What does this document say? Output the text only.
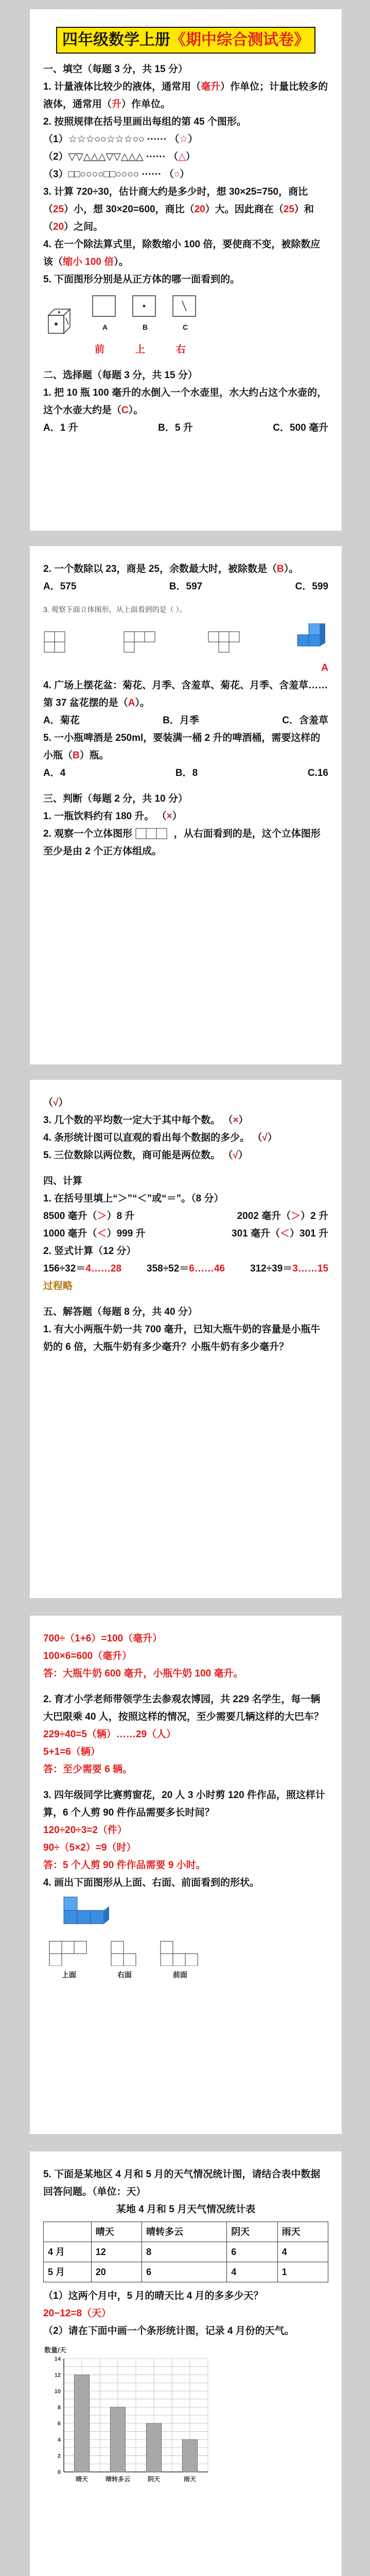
四年级数学上册《期中综合测试卷》
一、填空（每题 3 分，共 15 分）
1. 计量液体比较少的液体，通常用（毫升）作单位；计量比较多的液体，通常用（升）作单位。
2. 按照规律在括号里画出每组的第 45 个图形。
（1）☆☆☆○○☆☆☆○○ ······ （☆）
（2）▽▽△△△▽▽△△△ ······ （△）
（3）□□○○○○□□○○○○ ······ （○）
3. 计算 720÷30，估计商大约是多少时，想 30×25=750，商比（25）小，想 30×20=600，商比（20）大。因此商在（25）和（20）之间。
4. 在一个除法算式里，除数缩小 100 倍，要使商不变，被除数应该（缩小 100 倍）。
5. 下面图形分别是从正方体的哪一面看到的。
A	B	C
前	上	右
二、选择题（每题 3 分，共 15 分）
1. 把 10 瓶 100 毫升的水倒入一个水壶里，水大约占这个水壶的，这个水壶大约是（C）。
A．1 升	B．5 升	C．500 毫升
2. 一个数除以 23，商是 25，余数最大时，被除数是（B）。
A．575	B．597	C．599
3. 观察下面立体图形，从上面看到的是（ ）。
A
4. 广场上摆花盆：菊花、月季、含羞草、菊花、月季、含羞草……第 37 盆花摆的是（A）。
A．菊花	B．月季	C．含羞草
5. 一小瓶啤酒是 250ml，要装满一桶 2 升的啤酒桶，需要这样的小瓶（B）瓶。
A．4	B．8	C.16
三、判断（每题 2 分，共 10 分）
1. 一瓶饮料约有 180 升。 （×）
2. 观察一个立体图形	，从右面看到的是，这个立体图形至少是由 2 个正方体组成。
（√）
3. 几个数的平均数一定大于其中每个数。 （×）
4. 条形统计图可以直观的看出每个数据的多少。 （√）
5. 三位数除以两位数，商可能是两位数。 （√）
四、计算
1. 在括号里填上“＞”“＜”或“＝”。（8 分）
8500 毫升（＞）8 升	2002 毫升（＞）2 升
1000 毫升（＜）999 升	301 毫升（＜）301 升
2. 竖式计算（12 分）
156÷32＝4……28	358÷52＝6……46	312÷39＝3……15
过程略
五、解答题（每题 8 分，共 40 分）
1. 有大小两瓶牛奶一共 700 毫升，已知大瓶牛奶的容量是小瓶牛奶的 6 倍，大瓶牛奶有多少毫升？小瓶牛奶有多少毫升？
700÷（1+6）=100（毫升）
100×6=600（毫升）
答：大瓶牛奶 600 毫升，小瓶牛奶 100 毫升。
2. 育才小学老师带领学生去参观农博园，共 229 名学生，每一辆大巴限乘 40 人，按照这样的情况，至少需要几辆这样的大巴车？
229÷40=5（辆）……29（人）
5+1=6（辆）
答：至少需要 6 辆。
3. 四年级同学比赛剪窗花，20 人 3 小时剪 120 件作品，照这样计算，6 个人剪 90 件作品需要多长时间？
120÷20÷3=2（件）
90÷（5×2）=9（时）
答：5 个人剪 90 件作品需要 9 小时。
4. 画出下面图形从上面、右面、前面看到的形状。
上面	右面	前面
5. 下面是某地区 4 月和 5 月的天气情况统计图，请结合表中数据回答问题。（单位：天）
某地 4 月和 5 月天气情况统计表
	晴天	晴转多云	阴天	雨天
4 月	12	8	6	4
5 月	20	6	4	1
（1）这两个月中，5 月的晴天比 4 月的多多少天？
20−12=8（天）
（2）请在下面中画一个条形统计图，记录 4 月份的天气。
数量/天
0
2
4
6
8
10
12
14
晴天	晴转多云	阴天	雨天
